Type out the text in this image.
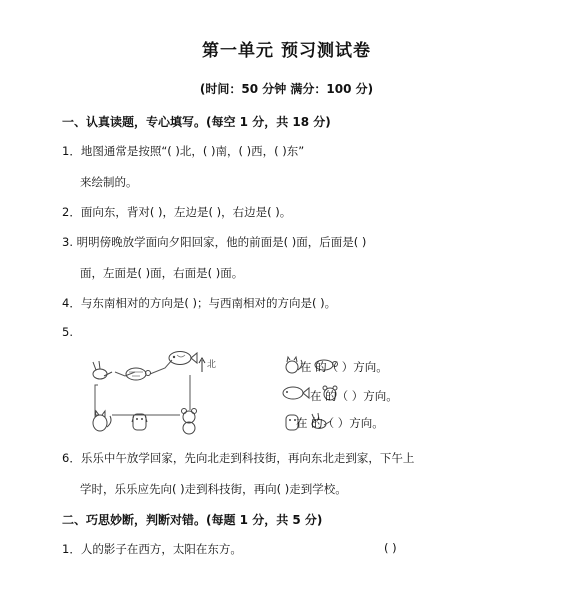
第一单元 预习测试卷
(时间：50 分钟 满分：100 分)
一、认真读题，专心填写。(每空 1 分，共 18 分)
1．地图通常是按照“( )北，( )南，( )西，( )东”
来绘制的。
2．面向东，背对( )，左边是( )，右边是( )。
3. 明明傍晚放学面向夕阳回家，他的前面是( )面，后面是( )
面，左面是( )面，右面是( )面。
4．与东南相对的方向是( )；与西南相对的方向是( )。
5.
北	在 的（ ）方向。
在 的（ ）方向。
在 的（ ）方向。
6．乐乐中午放学回家，先向北走到科技街，再向东北走到家，下午上
学时，乐乐应先向( )走到科技街，再向( )走到学校。
二、巧思妙断，判断对错。(每题 1 分，共 5 分)
1．人的影子在西方，太阳在东方。	( )
